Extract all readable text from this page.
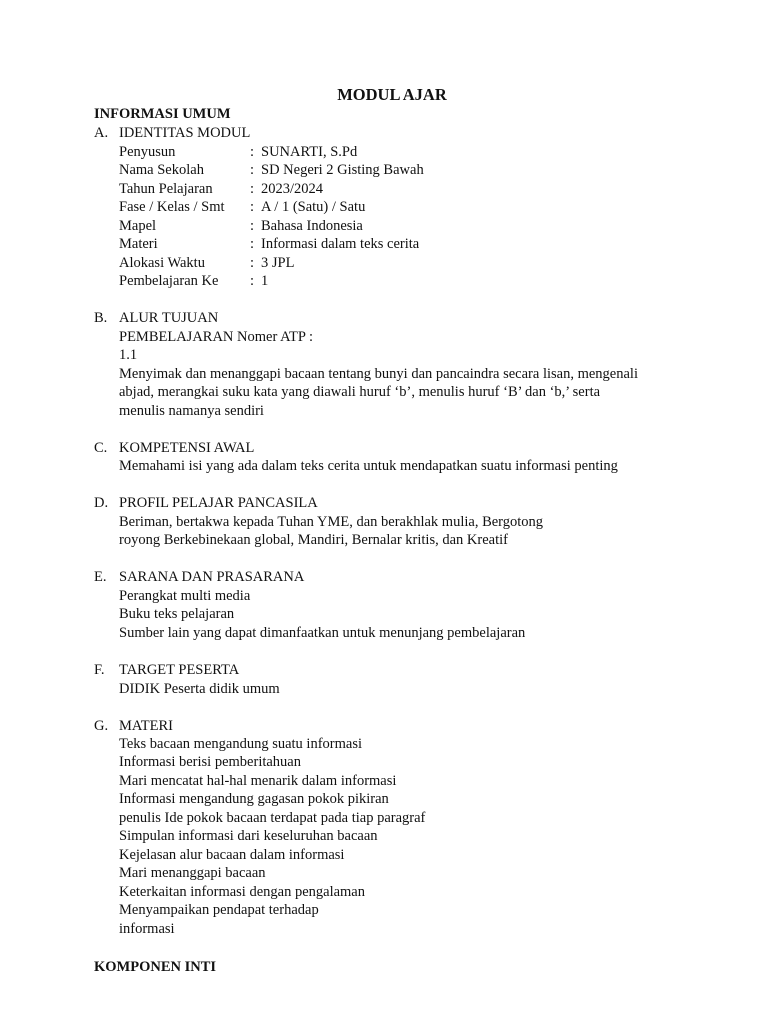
MODUL AJAR
INFORMASI UMUM
A. IDENTITAS MODUL
Penyusun	: SUNARTI, S.Pd
Nama Sekolah	: SD Negeri 2 Gisting Bawah
Tahun Pelajaran	: 2023/2024
Fase / Kelas / Smt : A / 1 (Satu) / Satu
Mapel	: Bahasa Indonesia
Materi	: Informasi dalam teks cerita
Alokasi Waktu	: 3 JPL
Pembelajaran Ke : 1
B. ALUR TUJUAN
PEMBELAJARAN Nomer ATP :
1.1
Menyimak dan menanggapi bacaan tentang bunyi dan pancaindra secara lisan, mengenali
abjad, merangkai suku kata yang diawali huruf ‘b’, menulis huruf ‘B’ dan ‘b,’ serta
menulis namanya sendiri
C. KOMPETENSI AWAL
Memahami isi yang ada dalam teks cerita untuk mendapatkan suatu informasi penting
D. PROFIL PELAJAR PANCASILA
Beriman, bertakwa kepada Tuhan YME, dan berakhlak mulia, Bergotong
royong Berkebinekaan global, Mandiri, Bernalar kritis, dan Kreatif
E. SARANA DAN PRASARANA
Perangkat multi media
Buku teks pelajaran
Sumber lain yang dapat dimanfaatkan untuk menunjang pembelajaran
F. TARGET PESERTA
DIDIK Peserta didik umum
G. MATERI
Teks bacaan mengandung suatu informasi
Informasi berisi pemberitahuan
Mari mencatat hal-hal menarik dalam informasi
Informasi mengandung gagasan pokok pikiran
penulis Ide pokok bacaan terdapat pada tiap paragraf
Simpulan informasi dari keseluruhan bacaan
Kejelasan alur bacaan dalam informasi
Mari menanggapi bacaan
Keterkaitan informasi dengan pengalaman
Menyampaikan pendapat terhadap
informasi
KOMPONEN INTI
